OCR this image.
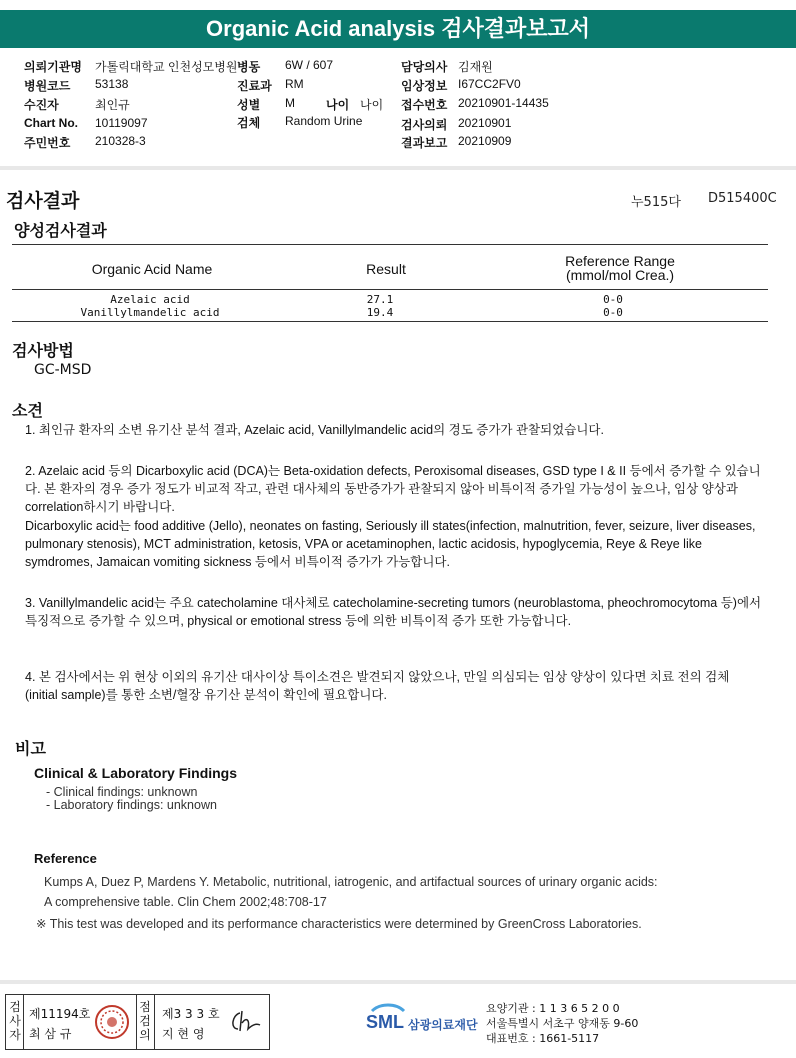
Organic Acid analysis 검사결과보고서
의뢰기관명 가톨릭대학교 인천성모병원 병동 6W / 607	담당의사 김재원
병원코드 53138	진료과 RM	임상정보 I67CC2FV0
수진자	최인규	성별 M	나이 나이 접수번호 20210901-14435
Chart No. 10119097	검체 Random Urine	검사의뢰 20210901
주민번호 210328-3	결과보고 20210909
검사결과	누515다 D515400C
양성검사결과
Organic Acid Name	Result	Reference Range
(mmol/mol Crea.)
Azelaic acid	27.1	0-0
Vanillylmandelic acid	19.4	0-0
검사방법
GC-MSD
소견
1. 최인규 환자의 소변 유기산 분석 결과, Azelaic acid, Vanillylmandelic acid의 경도 증가가 관찰되었습니다.
2. Azelaic acid 등의 Dicarboxylic acid (DCA)는 Beta-oxidation defects, Peroxisomal diseases, GSD type I & II 등에서 증가할 수 있습니다. 본 환자의 경우 증가 정도가 비교적 작고, 관련 대사체의 동반증가가 관찰되지 않아 비특이적 증가일 가능성이 높으나, 임상 양상과 correlation하시기 바랍니다.
Dicarboxylic acid는 food additive (Jello), neonates on fasting, Seriously ill states(infection, malnutrition, fever, seizure, liver diseases, pulmonary stenosis), MCT administration, ketosis, VPA or acetaminophen, lactic acidosis, hypoglycemia, Reye & Reye like symdromes, Jamaican vomiting sickness 등에서 비특이적 증가가 가능합니다.
3. Vanillylmandelic acid는 주요 catecholamine 대사체로 catecholamine-secreting tumors (neuroblastoma, pheochromocytoma 등)에서 특징적으로 증가할 수 있으며, physical or emotional stress 등에 의한 비특이적 증가 또한 가능합니다.
4. 본 검사에서는 위 현상 이외의 유기산 대사이상 특이소견은 발견되지 않았으나, 만일 의심되는 임상 양상이 있다면 치료 전의 검체 (initial sample)를 통한 소변/혈장 유기산 분석이 확인에 필요합니다.
비고
Clinical & Laboratory Findings
- Clinical findings: unknown
- Laboratory findings: unknown
Reference
Kumps A, Duez P, Mardens Y. Metabolic, nutritional, iatrogenic, and artifactual sources of urinary organic acids:
A comprehensive table. Clin Chem 2002;48:708-17
※ This test was developed and its performance characteristics were determined by GreenCross Laboratories.
검사자
제11194호
최 삼 규
점검의
제3 3 3 호
지 현 영
SML 삼광의료재단
요양기관 : 1 1 3 6 5 2 0 0
서울특별시 서초구 양재동 9-60
대표번호 : 1661-5117
